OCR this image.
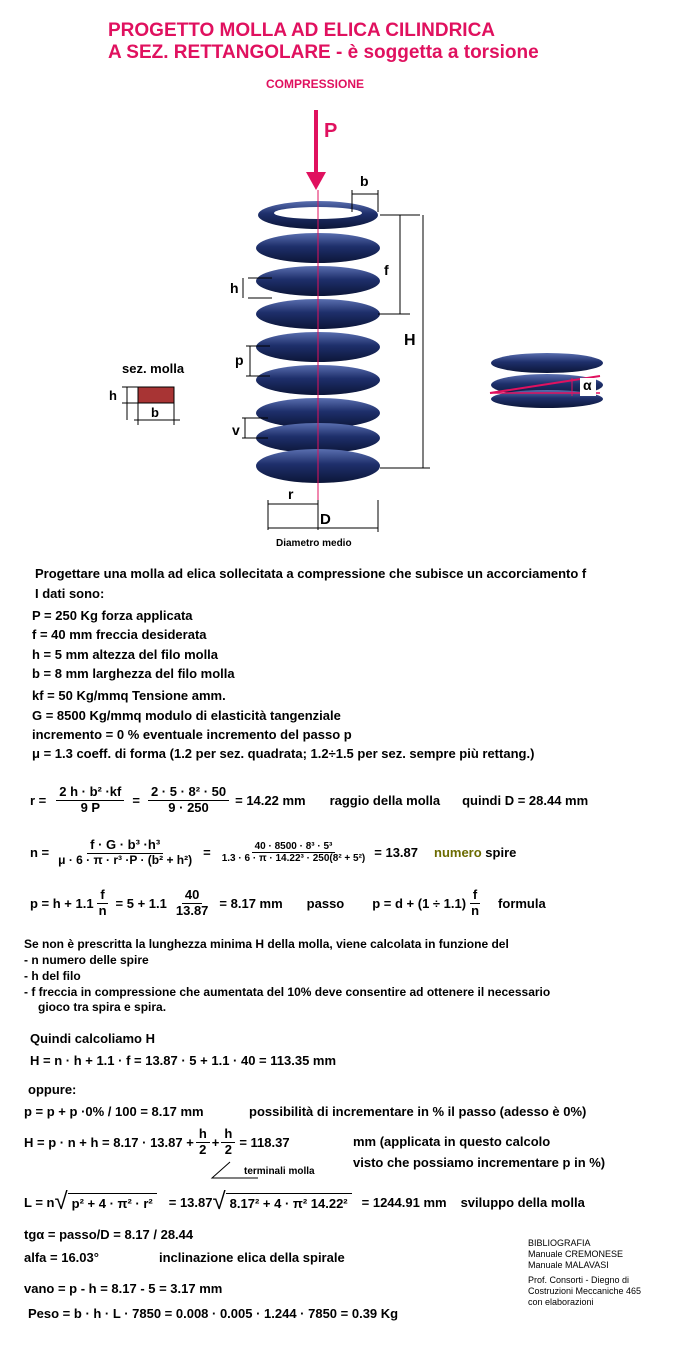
PROGETTO MOLLA AD ELICA CILINDRICA
A SEZ. RETTANGOLARE - è soggetta a torsione
COMPRESSIONE
P
b
f
h
H
p
v
r
D
Diametro medio
sez. molla
h
b
α
Progettare una molla ad elica sollecitata a compressione che subisce un accorciamento f
I dati sono:
P = 250 Kg forza applicata
f = 40 mm freccia desiderata
h = 5 mm altezza del filo molla
b = 8 mm larghezza del filo molla
kf = 50 Kg/mmq Tensione amm.
G = 8500 Kg/mmq modulo di elasticità tangenziale
incremento = 0 % eventuale incremento del passo p
μ = 1.3 coeff. di forma (1.2 per sez. quadrata; 1.2÷1.5 per sez. sempre più rettang.)
$r = \frac{\text{2 h · b² ·kf}}{9 P} = \frac{\text{2 · 5 · 8² · 50}}{9 \cdot 250} = 14.22$ mm raggio della molla quindi D = 28.44 mm
$n = \frac{\text{f · G · b³ ·h³}}{\text{μ · 6 · π · r³ ·P · (b² + h²)}} = \frac{\text{40 · 8500 · 8³ · 5³}}{\text{1.3 · 6 · π · 14.22³ · 250(8² + 5²)}} = 13.87$ numero spire
$p = h + 1.1 \frac{f}{n} = 5 + 1.1 \frac{40}{13.87} = 8.17$ mm passo $p = d + (1 \div 1.1) \frac{f}{n}$ formula
Se non è prescritta la lunghezza minima H della molla, viene calcolata in funzione del
- n numero delle spire
- h del filo
- f freccia in compressione che aumentata del 10% deve consentire ad ottenere il necessario
gioco tra spira e spira.
Quindi calcoliamo H
H = n · h + 1.1 · f = 13.87 · 5 + 1.1 · 40 = 113.35 mm
oppure:
p = p + p ·0% / 100 = 8.17 mm	possibilità di incrementare in % il passo (adesso è 0%)
$H = p \cdot n + h = 8.17 \cdot 13.87 + \frac{h}{2} + \frac{h}{2} = 118.37$	mm (applicata in questo calcolo
visto che possiamo incrementare p in %)
terminali molla
L = n √ p² + 4 · π² · r²	= 13.87 √ 8.17² + 4 · π² 14.22²	= 1244.91 mm sviluppo della molla
tgα = passo/D = 8.17 / 28.44
alfa = 16.03°	inclinazione elica della spirale
vano = p - h = 8.17 - 5 = 3.17 mm
Peso = b · h · L · 7850 = 0.008 · 0.005 · 1.244 · 7850 = 0.39 Kg
BIBLIOGRAFIA
Manuale CREMONESE
Manuale MALAVASI
Prof. Consorti - Diegno di
Costruzioni Meccaniche 465
con elaborazioni
